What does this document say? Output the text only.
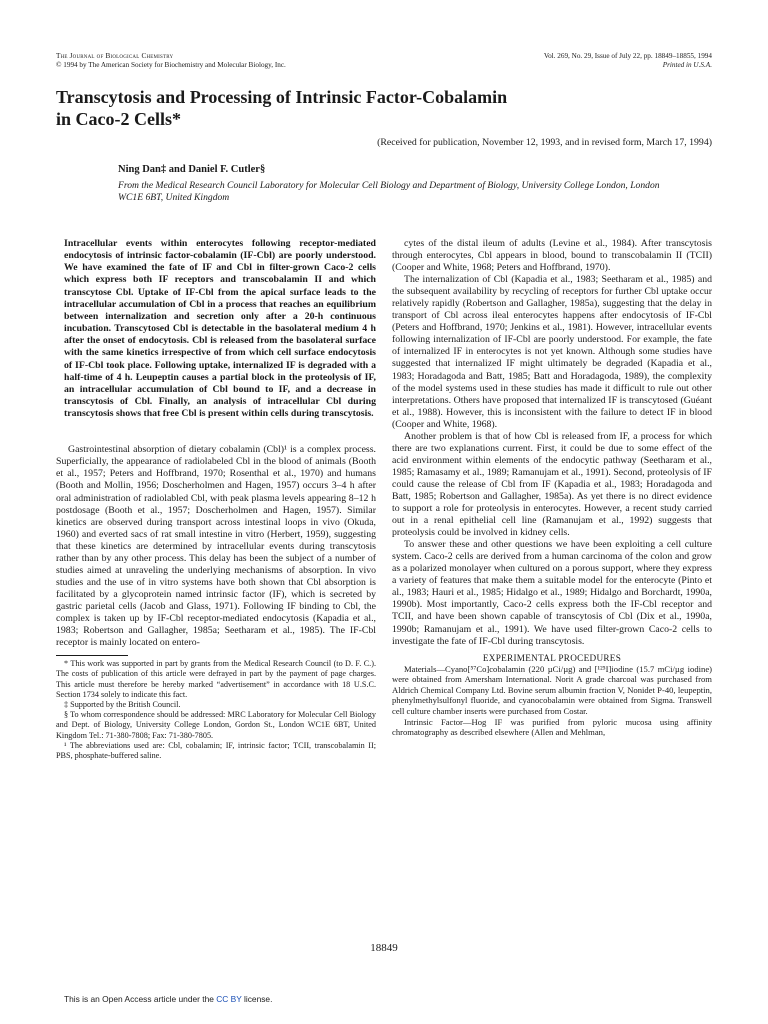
The Journal of Biological Chemistry
© 1994 by The American Society for Biochemistry and Molecular Biology, Inc.
Vol. 269, No. 29, Issue of July 22, pp. 18849–18855, 1994
Printed in U.S.A.
Transcytosis and Processing of Intrinsic Factor-Cobalamin
in Caco-2 Cells*
(Received for publication, November 12, 1993, and in revised form, March 17, 1994)
Ning Dan‡ and Daniel F. Cutler§
From the Medical Research Council Laboratory for Molecular Cell Biology and Department of Biology, University College London, London WC1E 6BT, United Kingdom

Intracellular events within enterocytes following receptor-mediated endocytosis of intrinsic factor-cobalamin (IF-Cbl) are poorly understood. We have examined the fate of IF and Cbl in filter-grown Caco-2 cells which express both IF receptors and transcobalamin II and which transcytose Cbl. Uptake of IF-Cbl from the apical surface leads to the intracellular accumulation of Cbl in a process that reaches an equilibrium between internalization and secretion only after a 20-h continuous incubation. Transcytosed Cbl is detectable in the basolateral medium 4 h after the onset of endocytosis. Cbl is released from the basolateral surface with the same kinetics irrespective of from which cell surface endocytosis of IF-Cbl took place. Following uptake, internalized IF is degraded with a half-time of 4 h. Leupeptin causes a partial block in the proteolysis of IF, an intracellular accumulation of Cbl bound to IF, and a decrease in transcytosis of Cbl. Finally, an analysis of intracellular Cbl during transcytosis shows that free Cbl is present within cells during transcytosis.

Gastrointestinal absorption of dietary cobalamin (Cbl)¹ is a complex process. Superficially, the appearance of radiolabeled Cbl in the blood of animals (Booth et al., 1957; Peters and Hoffbrand, 1970; Rosenthal et al., 1970) and humans (Booth and Mollin, 1956; Doscherholmen and Hagen, 1957) occurs 3–4 h after oral administration of radiolabled Cbl, with peak plasma levels appearing 8–12 h postdosage (Booth et al., 1957; Doscherholmen and Hagen, 1957). Similar kinetics are observed during transport across intestinal loops in vivo (Okuda, 1960) and everted sacs of rat small intestine in vitro (Herbert, 1959), suggesting that these kinetics are determined by intracellular events during transcytosis rather than by any other process. This delay has been the subject of a number of studies aimed at unraveling the underlying mechanisms of absorption. In vivo studies and the use of in vitro systems have both shown that Cbl absorption is facilitated by a glycoprotein named intrinsic factor (IF), which is secreted by gastric parietal cells (Jacob and Glass, 1971). Following IF binding to Cbl, the complex is taken up by IF-Cbl receptor-mediated endocytosis (Kapadia et al., 1983; Robertson and Gallagher, 1985a; Seetharam et al., 1985). The IF-Cbl receptor is mainly located on entero-

* This work was supported in part by grants from the Medical Research Council (to D. F. C.). The costs of publication of this article were defrayed in part by the payment of page charges. This article must therefore be hereby marked “advertisement” in accordance with 18 U.S.C. Section 1734 solely to indicate this fact.

‡ Supported by the British Council.

§ To whom correspondence should be addressed: MRC Laboratory for Molecular Cell Biology and Dept. of Biology, University College London, Gordon St., London WC1E 6BT, United Kingdom Tel.: 71-380-7808; Fax: 71-380-7805.

¹ The abbreviations used are: Cbl, cobalamin; IF, intrinsic factor; TCII, transcobalamin II; PBS, phosphate-buffered saline.

cytes of the distal ileum of adults (Levine et al., 1984). After transcytosis through enterocytes, Cbl appears in blood, bound to transcobalamin II (TCII) (Cooper and White, 1968; Peters and Hoffbrand, 1970).

The internalization of Cbl (Kapadia et al., 1983; Seetharam et al., 1985) and the subsequent availability by recycling of receptors for further Cbl uptake occur relatively rapidly (Robertson and Gallagher, 1985a), suggesting that the delay in transport of Cbl across ileal enterocytes happens after endocytosis of IF-Cbl (Peters and Hoffbrand, 1970; Jenkins et al., 1981). However, intracellular events following internalization of IF-Cbl are poorly understood. For example, the fate of internalized IF in enterocytes is not yet known. Although some studies have suggested that internalized IF might ultimately be degraded (Kapadia et al., 1983; Horadagoda and Batt, 1985; Batt and Horadagoda, 1989), the complexity of the model systems used in these studies has made it difficult to rule out other interpretations. Others have proposed that internalized IF is transcytosed (Guéant et al., 1988). However, this is inconsistent with the failure to detect IF in blood (Cooper and White, 1968).

Another problem is that of how Cbl is released from IF, a process for which there are two explanations current. First, it could be due to some effect of the acid environment within elements of the endocytic pathway (Seetharam et al., 1985; Ramasamy et al., 1989; Ramanujam et al., 1991). Second, proteolysis of IF could cause the release of Cbl from IF (Kapadia et al., 1983; Horadagoda and Batt, 1985; Robertson and Gallagher, 1985a). As yet there is no direct evidence to support a role for proteolysis in enterocytes. However, a recent study carried out in a renal epithelial cell line (Ramanujam et al., 1992) suggests that proteolysis could be involved in kidney cells.

To answer these and other questions we have been exploiting a cell culture system. Caco-2 cells are derived from a human carcinoma of the colon and grow as a polarized monolayer when cultured on a porous support, where they express a variety of features that make them a suitable model for the enterocyte (Pinto et al., 1983; Hauri et al., 1985; Hidalgo et al., 1989; Hidalgo and Borchardt, 1990a, 1990b). Most importantly, Caco-2 cells express both the IF-Cbl receptor and TCII, and have been shown capable of transcytosis of Cbl (Dix et al., 1990a, 1990b; Ramanujam et al., 1991). We have used filter-grown Caco-2 cells to investigate the fate of IF-Cbl during transcytosis.

EXPERIMENTAL PROCEDURES

Materials—Cyano[⁵⁷Co]cobalamin (220 µCi/µg) and [¹²⁵I]iodine (15.7 mCi/µg iodine) were obtained from Amersham International. Norit A grade charcoal was purchased from Aldrich Chemical Company Ltd. Bovine serum albumin fraction V, Nonidet P-40, leupeptin, phenylmethylsulfonyl fluoride, and cyanocobalamin were obtained from Sigma. Transwell cell culture chamber inserts were purchased from Costar.

Intrinsic Factor—Hog IF was purified from pyloric mucosa using affinity chromatography as described elsewhere (Allen and Mehlman,

18849
This is an Open Access article under the CC BY license.
